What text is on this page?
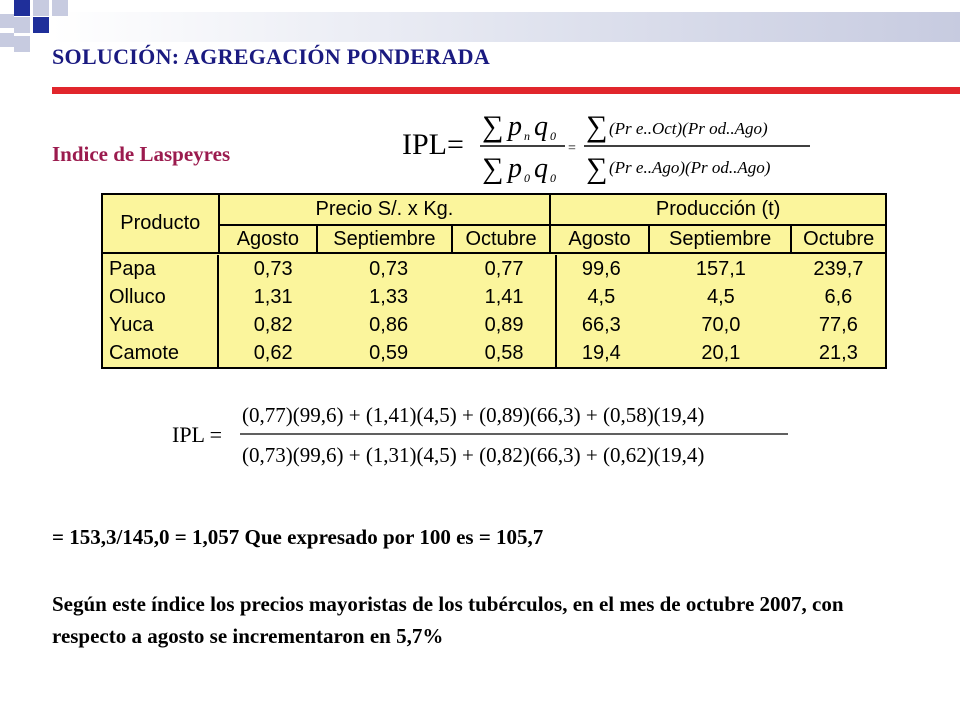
SOLUCIÓN: AGREGACIÓN PONDERADA
Indice de Laspeyres	IPL=
∑ p n q 0
∑ p 0 q 0
=
∑ (Pr e..Oct)(Pr od..Ago)
∑ (Pr e..Ago)(Pr od..Ago)
Producto	Precio S/. x Kg.			Producción (t)		
	Agosto	Septiembre	Octubre	Agosto	Septiembre	Octubre
Papa	0,73	0,73	0,77	99,6	157,1	239,7
Olluco	1,31	1,33	1,41	4,5	4,5	6,6
Yuca	0,82	0,86	0,89	66,3	70,0	77,6
Camote	0,62	0,59	0,58	19,4	20,1	21,3
IPL =
(0,77)(99,6) + (1,41)(4,5) + (0,89)(66,3) + (0,58)(19,4)
(0,73)(99,6) + (1,31)(4,5) + (0,82)(66,3) + (0,62)(19,4)
= 153,3/145,0 = 1,057 Que expresado por 100 es = 105,7
Según este índice los precios mayoristas de los tubérculos, en el mes de octubre 2007, con respecto a agosto se incrementaron en 5,7%
